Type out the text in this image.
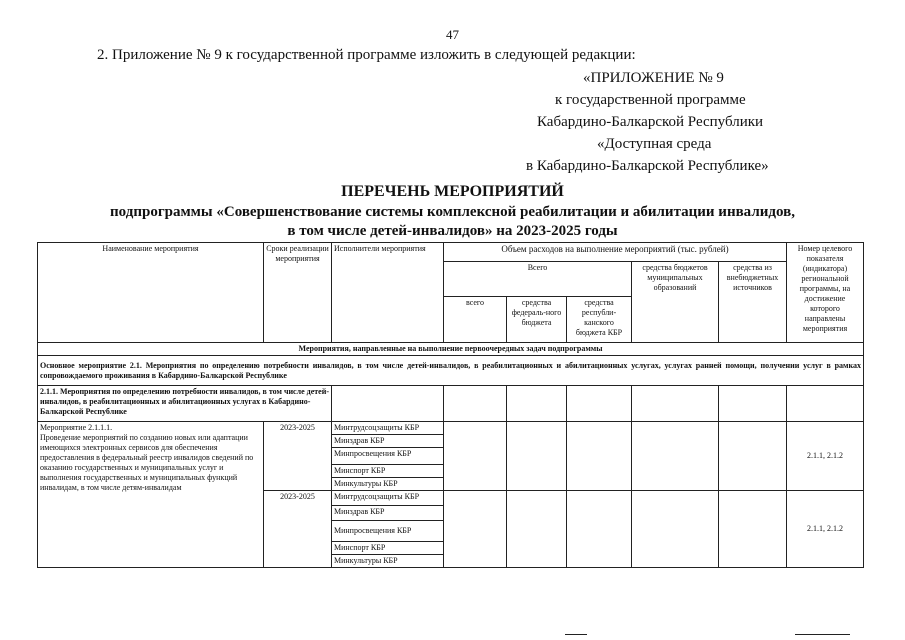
47
2. Приложение № 9 к государственной программе изложить в следующей редакции:
«ПРИЛОЖЕНИЕ № 9
к государственной программе
Кабардино-Балкарской Республики
«Доступная среда
в Кабардино-Балкарской Республике»
ПЕРЕЧЕНЬ МЕРОПРИЯТИЙ
подпрограммы «Совершенствование системы комплексной реабилитации и абилитации инвалидов,
в том числе детей-инвалидов» на 2023-2025 годы
Наименование мероприятия	Сроки реализации мероприятия	Исполнители мероприятия	Объем расходов на выполнение мероприятий (тыс. рублей)					Номер целевого показателя (индикатора) региональной программы, на достижение которого направлены мероприятия
			Всего			средства бюджетов муниципальных образований	средства из внебюджетных источников	
			всего	средства федераль-ного бюджета	средства республи-канского бюджета КБР			
Мероприятия, направленные на выполнение первоочередных задач подпрограммы								
Основное мероприятие 2.1. Мероприятия по определению потребности инвалидов, в том числе детей-инвалидов, в реабилитационных и абилитационных услугах, услугах ранней помощи, получении услуг в рамках сопровождаемого проживания в Кабардино-Балкарской Республике								
2.1.1. Мероприятия по определению потребности инвалидов, в том числе детей-инвалидов, в реабилитационных и абилитационных услугах в Кабардино-Балкарской Республике								

Мероприятие 2.1.1.1.
Проведение мероприятий по созданию новых или адаптации имеющихся электронных сервисов для обеспечения предоставления в федеральный реестр инвалидов сведений по оказанию государственных и муниципальных услуг и выполнения государственных и муниципальных функций инвалидам, в том числе детям-инвалидам	2023-2025	Минтрудсоцзащиты КБР						2.1.1, 2.1.2
		Минздрав КБР						
		Минпросвещения КБР						
		Минспорт КБР						
		Минкультуры КБР						
	2023-2025	Минтрудсоцзащиты КБР						2.1.1, 2.1.2
		Минздрав КБР						
		Минпросвещения КБР						
		Минспорт КБР						
		Минкультуры КБР						
